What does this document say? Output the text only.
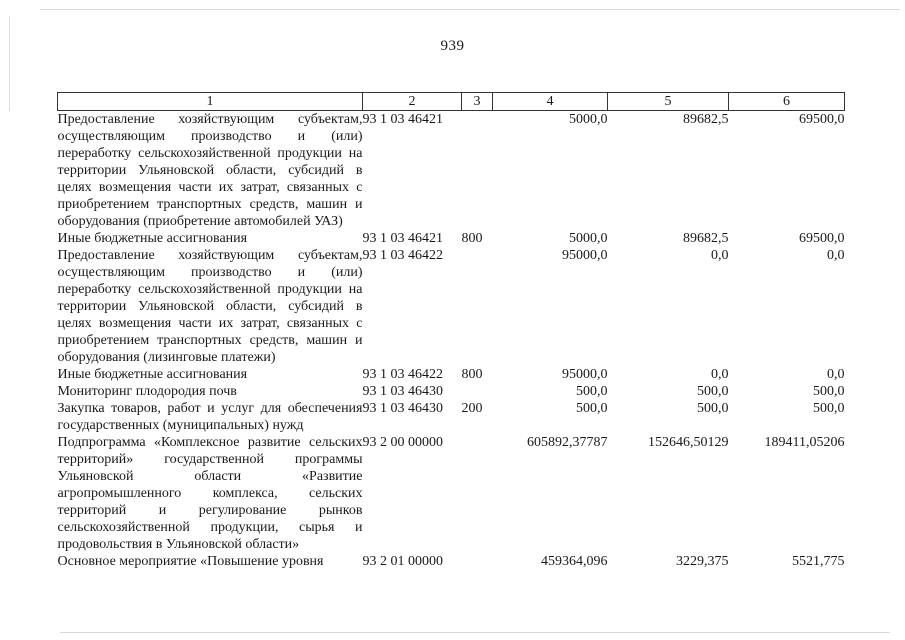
939
1	2	3	4	5	6
Предоставление хозяйствующим субъектам, осуществляющим производство и (или) переработку сельскохозяйственной продукции на территории Ульяновской области, субсидий в целях возмещения части их затрат, связанных с приобретением транспортных средств, машин и оборудования (приобретение автомобилей УАЗ)	93 1 03 46421		5000,0	89682,5	69500,0
Иные бюджетные ассигнования	93 1 03 46421	800	5000,0	89682,5	69500,0
Предоставление хозяйствующим субъектам, осуществляющим производство и (или) переработку сельскохозяйственной продукции на территории Ульяновской области, субсидий в целях возмещения части их затрат, связанных с приобретением транспортных средств, машин и оборудования (лизинговые платежи)	93 1 03 46422		95000,0	0,0	0,0
Иные бюджетные ассигнования	93 1 03 46422	800	95000,0	0,0	0,0
Мониторинг плодородия почв	93 1 03 46430		500,0	500,0	500,0
Закупка товаров, работ и услуг для обеспечения государственных (муниципальных) нужд	93 1 03 46430	200	500,0	500,0	500,0
Подпрограмма «Комплексное развитие сельских территорий» государственной программы Ульяновской области «Развитие агропромышленного комплекса, сельских территорий и регулирование рынков сельскохозяйственной продукции, сырья и продовольствия в Ульяновской области»	93 2 00 00000		605892,37787	152646,50129	189411,05206
Основное мероприятие «Повышение уровня	93 2 01 00000		459364,096	3229,375	5521,775
